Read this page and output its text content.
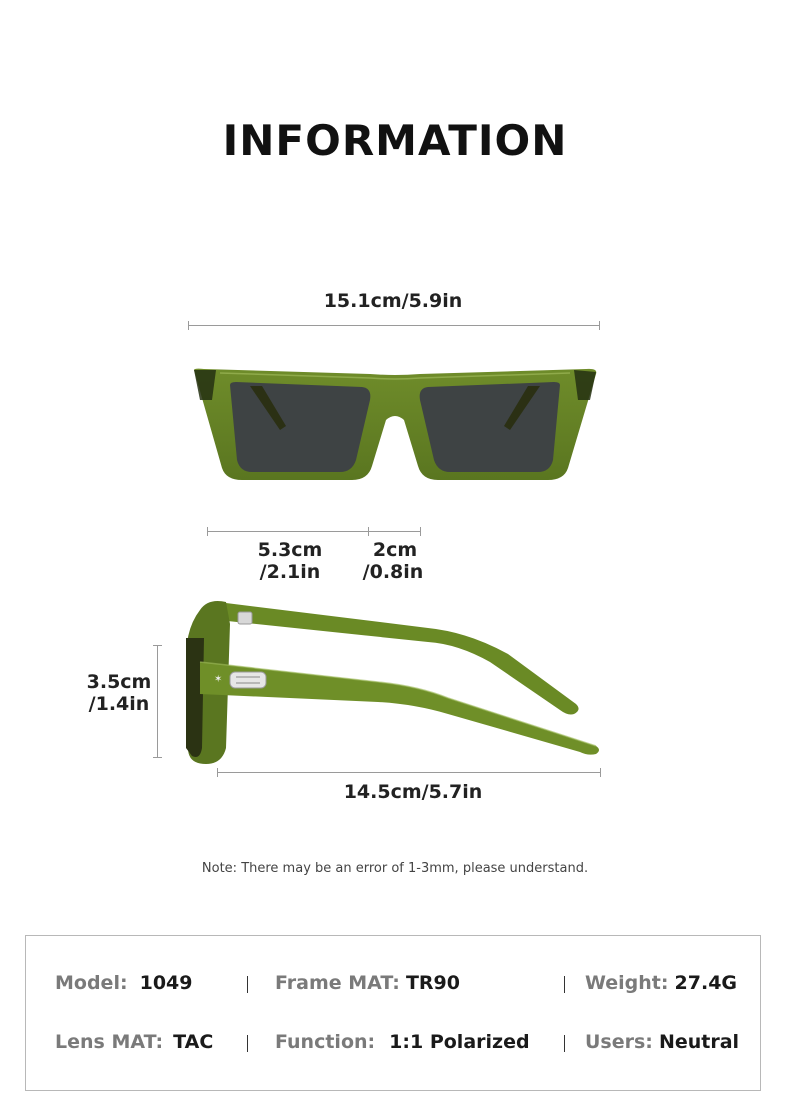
INFORMATION
15.1cm/5.9in
5.3cm
/2.1in
2cm
/0.8in
3.5cm
/1.4in
✶
14.5cm/5.7in
Note: There may be an error of 1-3mm, please understand.
Model: 1049	Frame MAT: TR90	Weight: 27.4G
Lens MAT: TAC	Function: 1:1 Polarized	Users: Neutral
